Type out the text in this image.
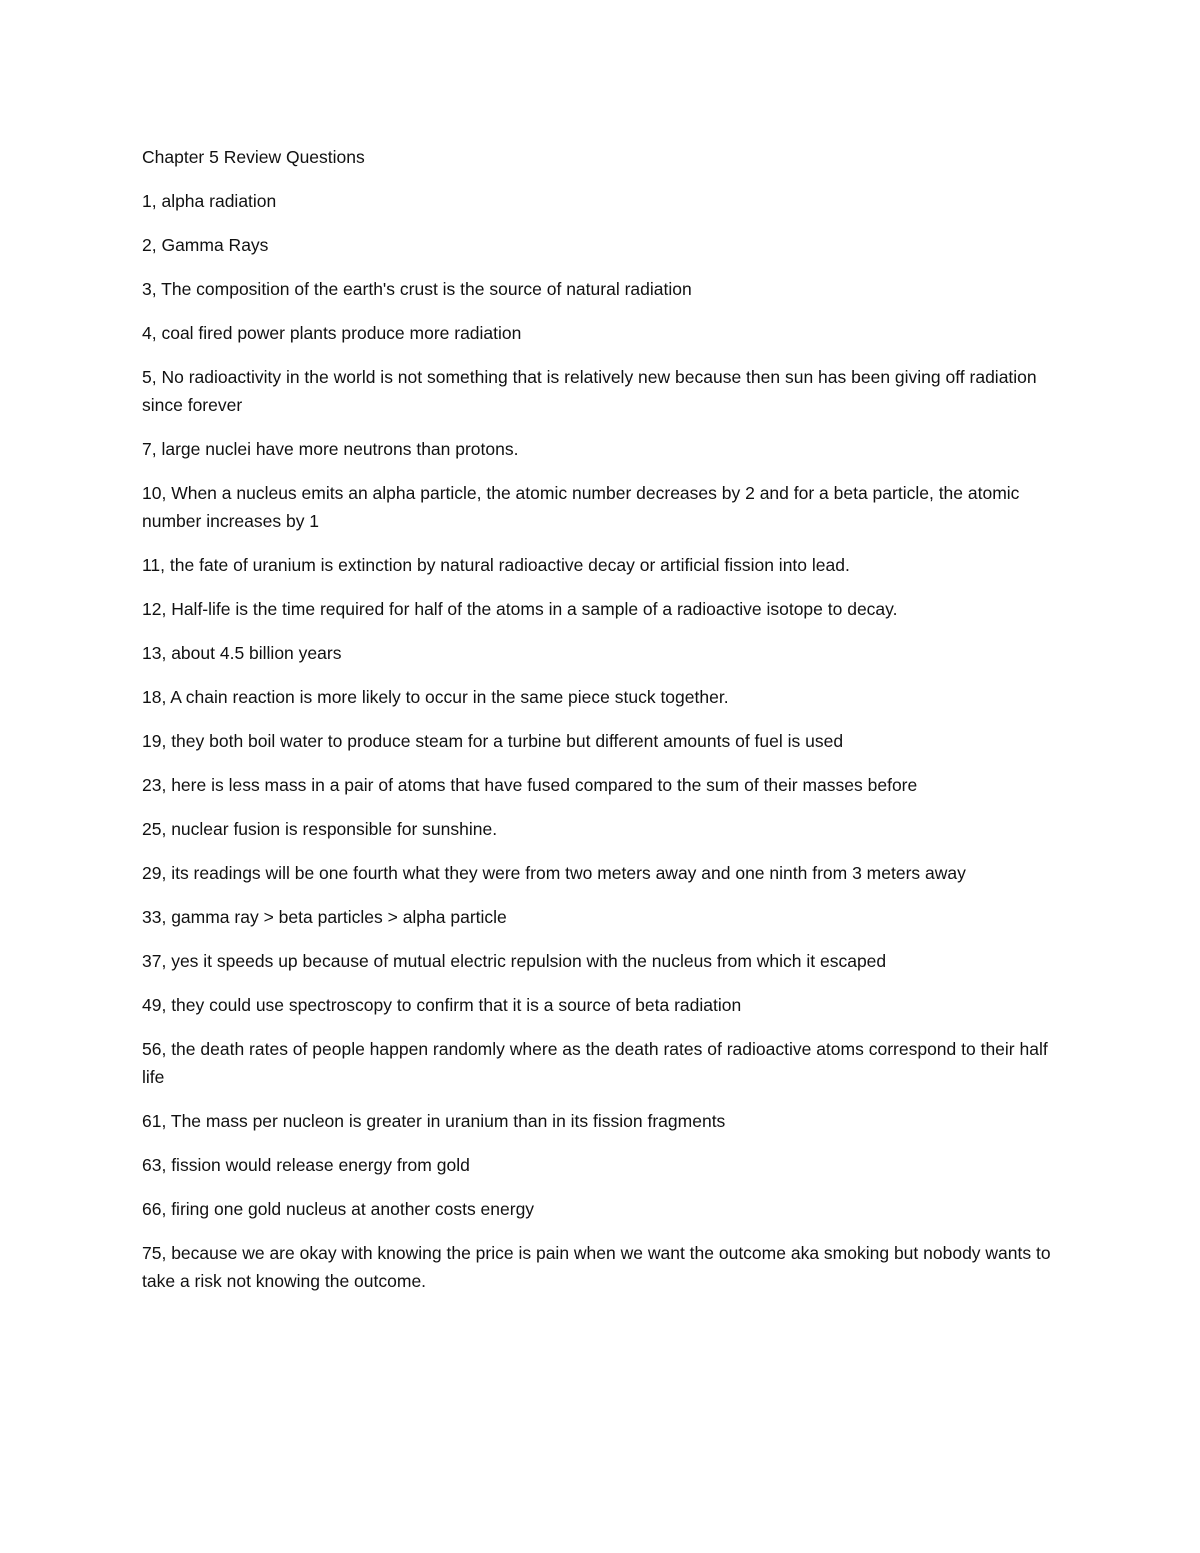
Chapter 5 Review Questions

1, alpha radiation

2, Gamma Rays

3, The composition of the earth's crust is the source of natural radiation

4, coal fired power plants produce more radiation

5, No radioactivity in the world is not something that is relatively new because then sun has been giving off radiation since forever

7, large nuclei have more neutrons than protons.

10, When a nucleus emits an alpha particle, the atomic number decreases by 2 and for a beta particle, the atomic number increases by 1

11, the fate of uranium is extinction by natural radioactive decay or artificial fission into lead.

12, Half-life is the time required for half of the atoms in a sample of a radioactive isotope to decay.

13, about 4.5 billion years

18, A chain reaction is more likely to occur in the same piece stuck together.

19, they both boil water to produce steam for a turbine but different amounts of fuel is used

23, here is less mass in a pair of atoms that have fused compared to the sum of their masses before

25, nuclear fusion is responsible for sunshine.

29, its readings will be one fourth what they were from two meters away and one ninth from 3 meters away

33, gamma ray > beta particles > alpha particle

37, yes it speeds up because of mutual electric repulsion with the nucleus from which it escaped

49, they could use spectroscopy to confirm that it is a source of beta radiation

56, the death rates of people happen randomly where as the death rates of radioactive atoms correspond to their half life

61, The mass per nucleon is greater in uranium than in its fission fragments

63, fission would release energy from gold

66, firing one gold nucleus at another costs energy

75, because we are okay with knowing the price is pain when we want the outcome aka smoking but nobody wants to take a risk not knowing the outcome.
